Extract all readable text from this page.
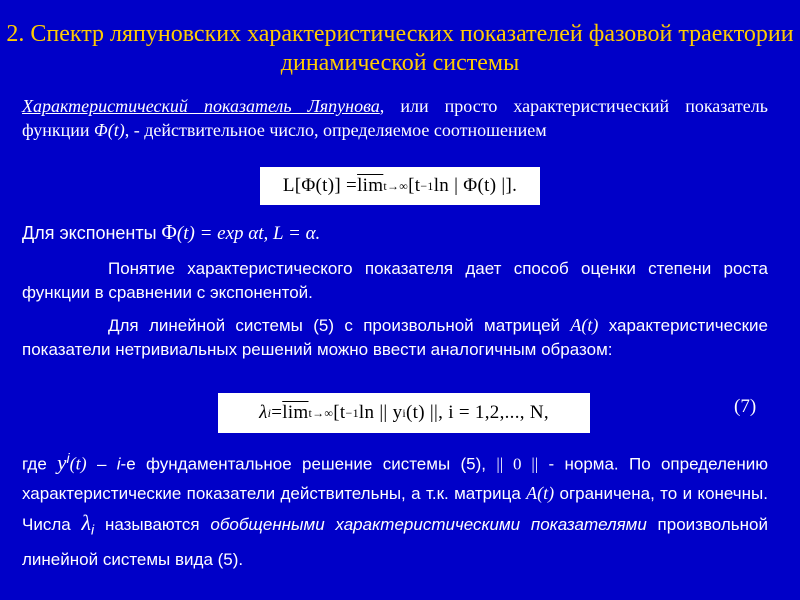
2. Спектр ляпуновских характеристических показателей фазовой траектории динамической системы
Характеристический показатель Ляпунова, или просто характеристический показатель функции Φ(t), - действительное число, определяемое соотношением
$L[\Phi(t)] = \overline{lim}$ t→∞ [t −1 ln | Φ(t) |].
Для экспоненты Φ(t) = exp αt, L = α.
Понятие характеристического показателя дает способ оценки степени роста функции в сравнении с экспонентой.
Для линейной системы (5) с произвольной матрицей A(t) характеристические показатели нетривиальных решений можно ввести аналогичным образом:
λ $i = \overline{lim}$ t→∞ [t −1 ln || y i (t) ||, i = 1,2,..., N,	(7)
где $y^i(t) - i-е$ фундаментальное решение системы (5), || 0 || - норма. По определению характеристические показатели действительны, а т.к. матрица A(t) ограничена, то и конечны. Числа $\lambda_i$ называются обобщенными характеристическими показателями произвольной линейной системы вида (5).
